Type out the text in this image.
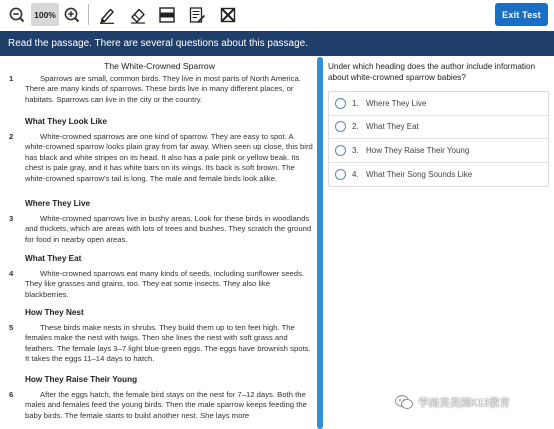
100%	Exit Test
Read the passage. There are several questions about this passage.
The White-Crowned Sparrow
1	Sparrows are small, common birds. They live in most parts of North America. There are many kinds of sparrows. These birds live in many different places, or habitats. Sparrows can live in the city or the country.
What They Look Like
2	White-crowned sparrows are one kind of sparrow. They are easy to spot. A white-crowned sparrow looks plain gray from far away. When seen up close, this bird has black and white stripes on its head. It also has a pale pink or yellow beak. Its chest is pale gray, and it has white bars on its wings. Its back is soft brown. The white-crowned sparrow's tail is long. The male and female birds look alike.
Where They Live
3	White-crowned sparrows live in bushy areas. Look for these birds in woodlands and thickets, which are areas with lots of trees and bushes. They scratch the ground for food in nearby open areas.
What They Eat
4	White-crowned sparrows eat many kinds of seeds, including sunflower seeds. They like grasses and grains, too. They eat some insects. They also like blackberries.
How They Nest
5	These birds make nests in shrubs. They build them up to ten feet high. The females make the nest with twigs. Then she lines the nest with soft grass and feathers. The female lays 3–7 light blue-green eggs. The eggs have brownish spots. It takes the eggs 11–14 days to hatch.
How They Raise Their Young
6	After the eggs hatch, the female bird stays on the nest for 7–12 days. Both the males and females feed the young birds. Then the male sparrow keeps feeding the baby birds. The female starts to build another nest. She lays more
Under which heading does the author include information about white-crowned sparrow babies?
1. Where They Live
2. What They Eat
3. How They Raise Their Young
4. What Their Song Sounds Like
学而美美国K12教育
